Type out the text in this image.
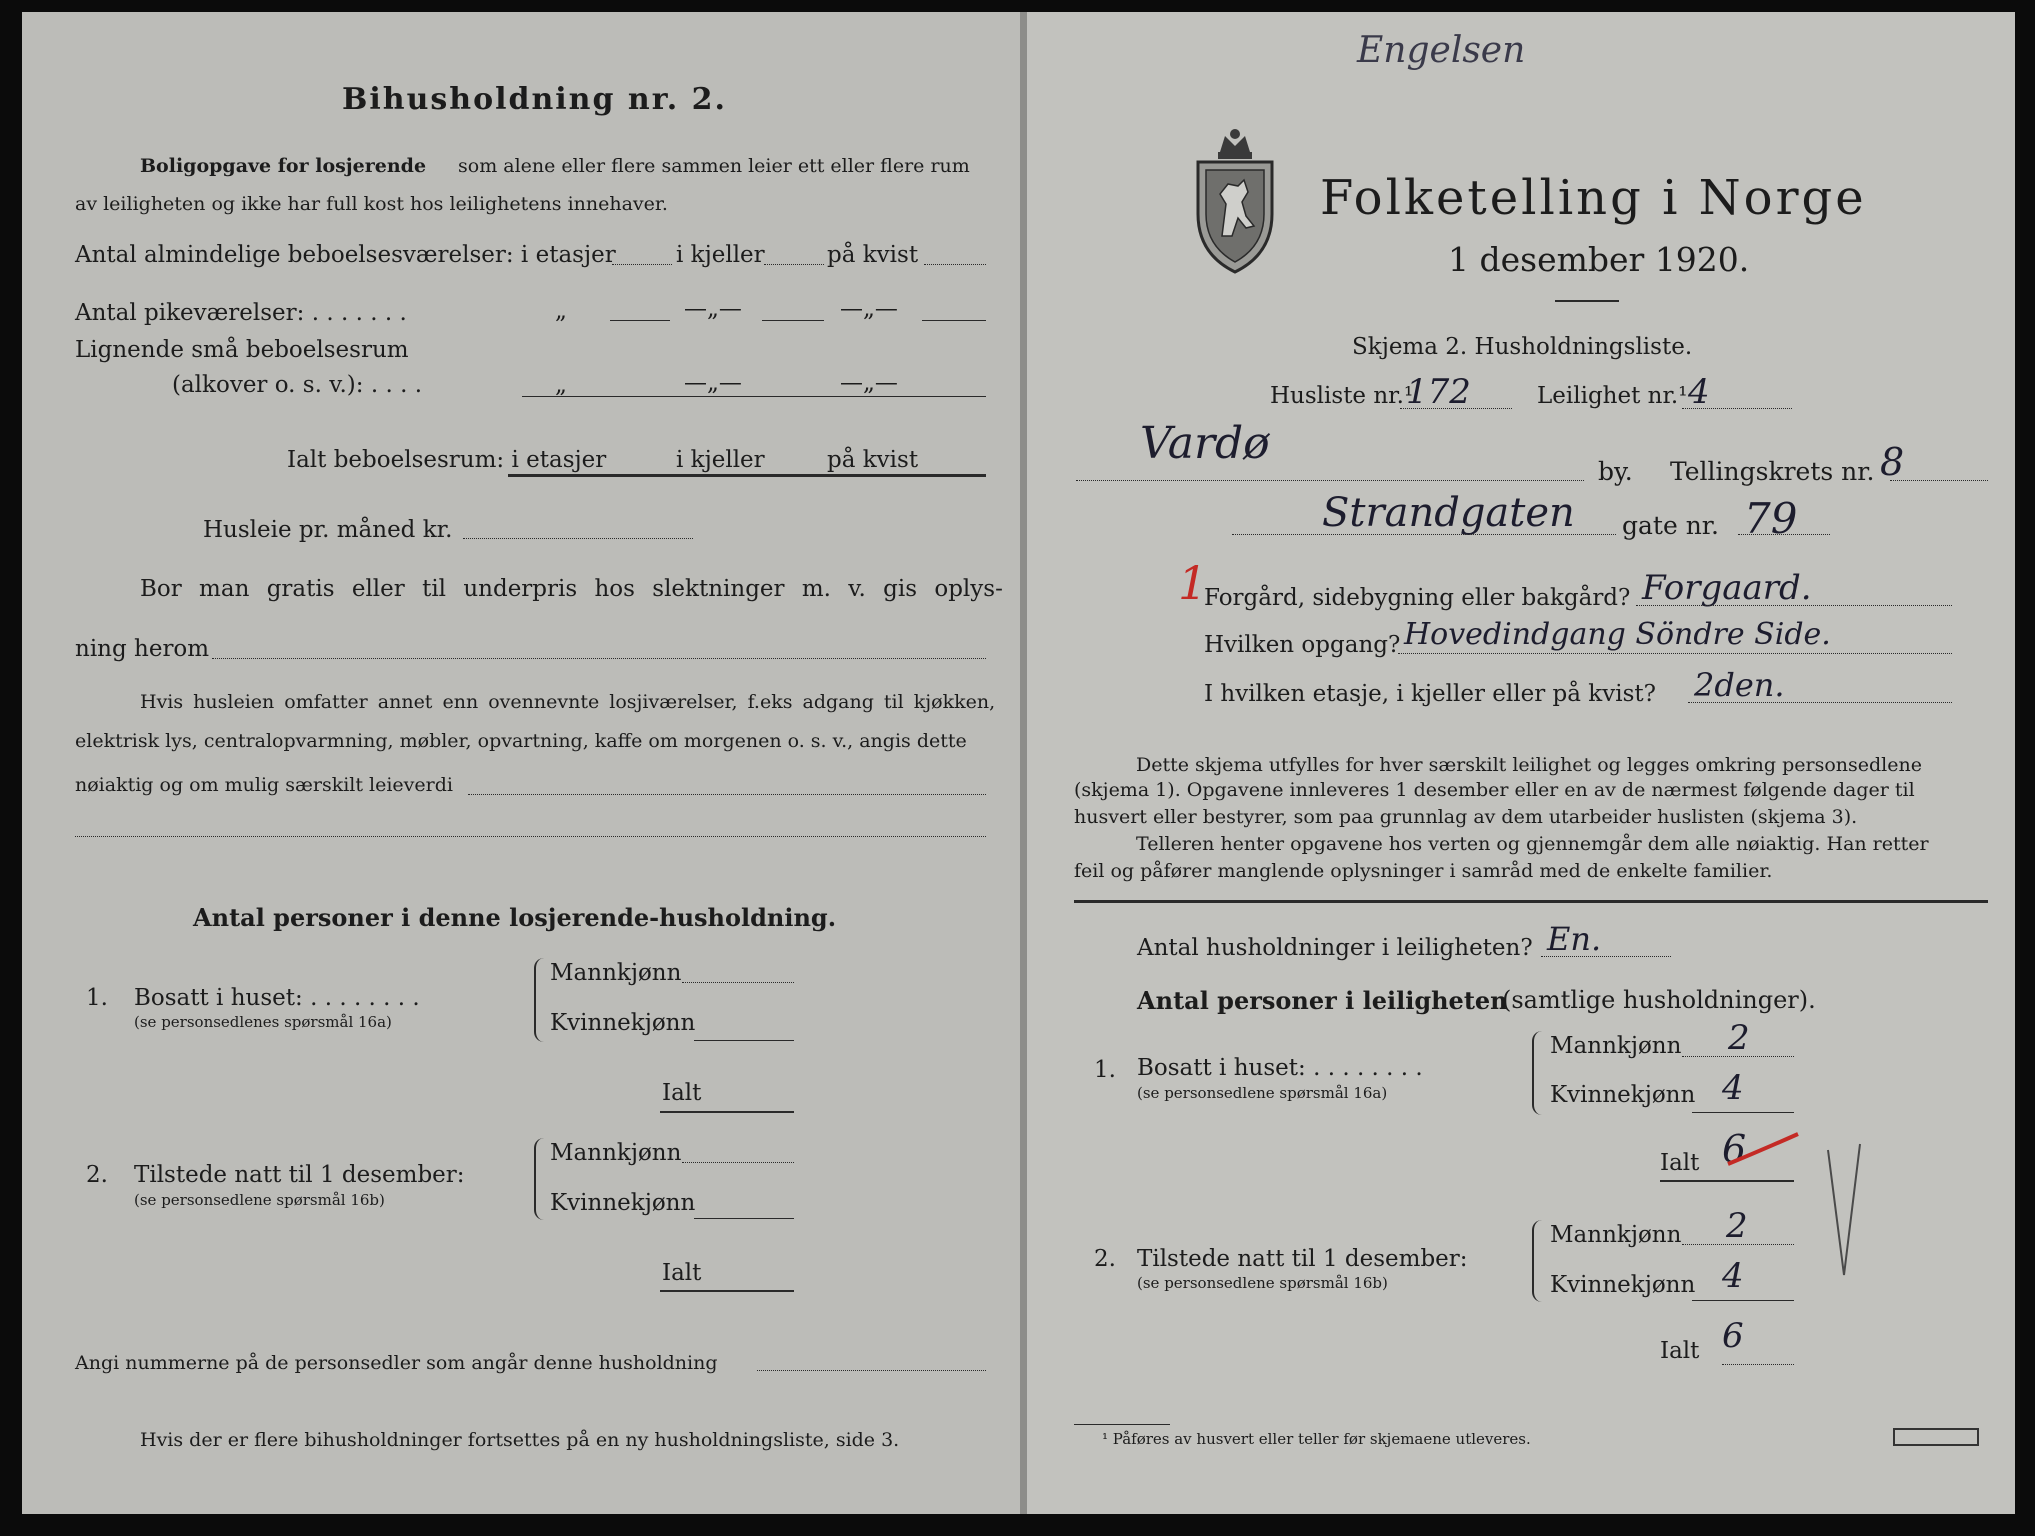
Bihusholdning nr. 2.
Boligopgave for losjerende som alene eller flere sammen leier ett eller flere rum
av leiligheten og ikke har full kost hos leilighetens innehaver.
Antal almindelige beboelsesværelser: i etasjer	i kjeller	på kvist
Antal pikeværelser: . . . . . . .	„	—„—	—„—
Lignende små beboelsesrum
(alkover o. s. v.): . . . .	„	—„—	—„—
Ialt beboelsesrum: i etasjer	i kjeller	på kvist
Husleie pr. måned kr.
Bor man gratis eller til underpris hos slektninger m. v. gis oplys-
ning herom
Hvis husleien omfatter annet enn ovennevnte losjiværelser, f.eks adgang til kjøkken,
elektrisk lys, centralopvarmning, møbler, opvartning, kaffe om morgenen o. s. v., angis dette
nøiaktig og om mulig særskilt leieverdi
Antal personer i denne losjerende-husholdning.
1. Bosatt i huset: . . . . . . . .
(se personsedlenes spørsmål 16a)
Mannkjønn
Kvinnekjønn
Ialt
2. Tilstede natt til 1 desember:
(se personsedlene spørsmål 16b)
Mannkjønn
Kvinnekjønn
Ialt
Angi nummerne på de personsedler som angår denne husholdning
Hvis der er flere bihusholdninger fortsettes på en ny husholdningsliste, side 3.
Engelsen
Folketelling i Norge
1 desember 1920.
Skjema 2. Husholdningsliste.
Husliste nr.¹
172	Leilighet nr.¹ 4
Vardø
by. Tellingskrets nr. 8
Strandgaten gate nr. 79
1
Forgård, sidebygning eller bakgård? Forgaard.
Hvilken opgang? Hovedindgang Söndre Side.
I hvilken etasje, i kjeller eller på kvist? 2den.
Dette skjema utfylles for hver særskilt leilighet og legges omkring personsedlene
(skjema 1). Opgavene innleveres 1 desember eller en av de nærmest følgende dager til
husvert eller bestyrer, som paa grunnlag av dem utarbeider huslisten (skjema 3).
Telleren henter opgavene hos verten og gjennemgår dem alle nøiaktig. Han retter
feil og påfører manglende oplysninger i samråd med de enkelte familier.
Antal husholdninger i leiligheten? En.
Antal personer i leiligheten
(samtlige husholdninger).
1. Bosatt i huset: . . . . . . . .
(se personsedlene spørsmål 16a)
Mannkjønn 2
Kvinnekjønn 4
Ialt 6
2. Tilstede natt til 1 desember:
(se personsedlene spørsmål 16b)
Mannkjønn 2
Kvinnekjønn 4
Ialt 6
¹ Påføres av husvert eller teller før skjemaene utleveres.
